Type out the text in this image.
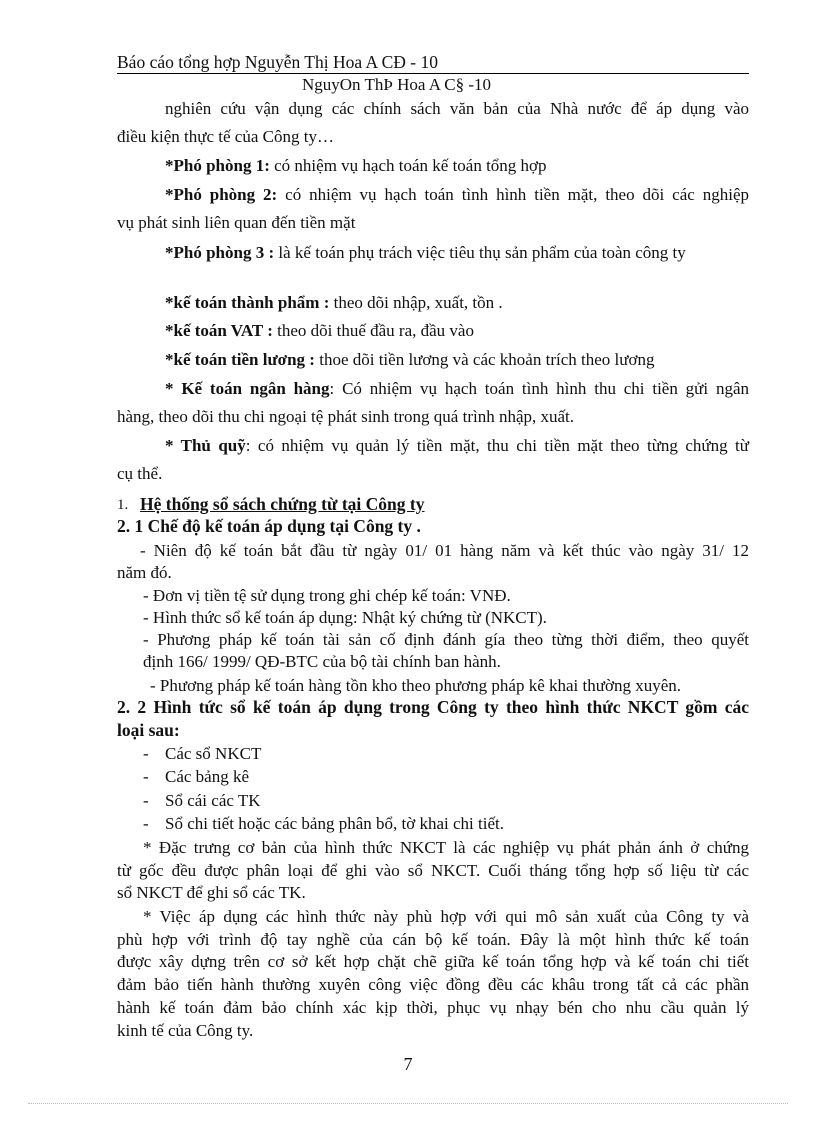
Báo cáo tổng hợp Nguyễn Thị Hoa A CĐ - 10
NguyOn ThÞ Hoa A C§ -10
nghiên cứu vận dụng các chính sách văn bản của Nhà nước để áp dụng vào
điều kiện thực tế của Công ty…
*Phó phòng 1: có nhiệm vụ hạch toán kế toán tổng hợp
*Phó phòng 2: có nhiệm vụ hạch toán tình hình tiền mặt, theo dõi các nghiệp
vụ phát sinh liên quan đến tiền mặt
*Phó phòng 3 : là kế toán phụ trách việc tiêu thụ sản phẩm của toàn công ty
*kế toán thành phẩm : theo dõi nhập, xuất, tồn .
*kế toán VAT : theo dõi thuế đầu ra, đầu vào
*kế toán tiền lương : thoe dõi tiền lương và các khoản trích theo lương
* Kế toán ngân hàng: Có nhiệm vụ hạch toán tình hình thu chi tiền gửi ngân
hàng, theo dõi thu chi ngoại tệ phát sinh trong quá trình nhập, xuất.
* Thủ quỹ: có nhiệm vụ quản lý tiền mặt, thu chi tiền mặt theo từng chứng từ
cụ thể.
1. Hệ thống sổ sách chứng từ tại Công ty
2. 1 Chế độ kế toán áp dụng tại Công ty .
- Niên độ kế toán bắt đầu từ ngày 01/ 01 hàng năm và kết thúc vào ngày 31/ 12
năm đó.
- Đơn vị tiền tệ sử dụng trong ghi chép kế toán: VNĐ.
- Hình thức sổ kế toán áp dụng: Nhật ký chứng từ (NKCT).
- Phương pháp kế toán tài sản cố định đánh gía theo từng thời điểm, theo quyết
định 166/ 1999/ QĐ-BTC của bộ tài chính ban hành.
- Phương pháp kế toán hàng tồn kho theo phương pháp kê khai thường xuyên.
2. 2 Hình tức sổ kế toán áp dụng trong Công ty theo hình thức NKCT gồm các
loại sau:
- Các sổ NKCT
- Các bảng kê
- Sổ cái các TK
- Sổ chi tiết hoặc các bảng phân bổ, tờ khai chi tiết.
* Đặc trưng cơ bản của hình thức NKCT là các nghiệp vụ phát phản ánh ở chứng
từ gốc đều được phân loại để ghi vào sổ NKCT. Cuối tháng tổng hợp số liệu từ các
sổ NKCT để ghi sổ các TK.
* Việc áp dụng các hình thức này phù hợp với qui mô sản xuất của Công ty và
phù hợp với trình độ tay nghề của cán bộ kế toán. Đây là một hình thức kế toán
được xây dựng trên cơ sở kết hợp chặt chẽ giữa kế toán tổng hợp và kế toán chi tiết
đảm bảo tiến hành thường xuyên công việc đồng đều các khâu trong tất cả các phần
hành kế toán đảm bảo chính xác kịp thời, phục vụ nhạy bén cho nhu cầu quản lý
kinh tế của Công ty.
7
